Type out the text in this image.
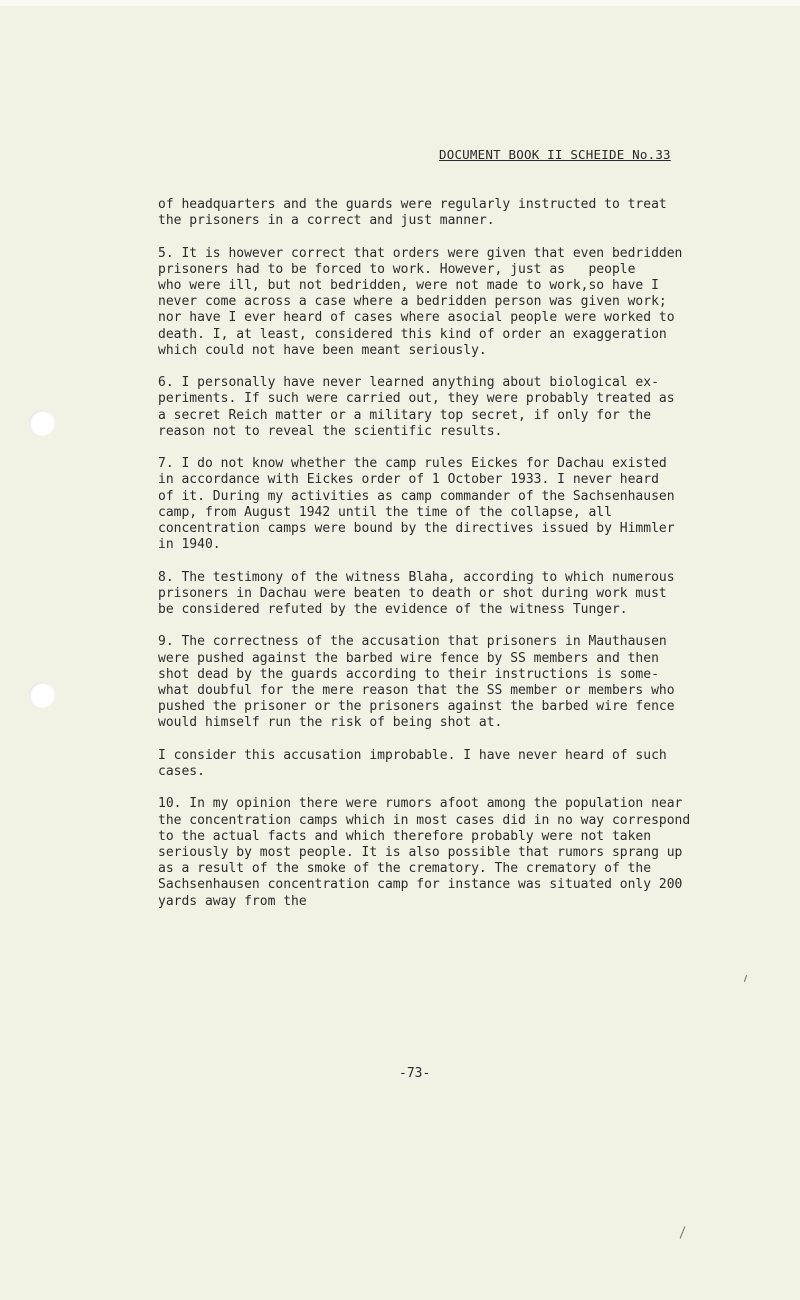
DOCUMENT BOOK II SCHEIDE No.33
of headquarters and the guards were regularly instructed to treat
the prisoners in a correct and just manner.
5. It is however correct that orders were given that even bedridden
prisoners had to be forced to work. However, just as   people
who were ill, but not bedridden, were not made to work,so have I
never come across a case where a bedridden person was given work;
nor have I ever heard of cases where asocial people were worked to
death. I, at least, considered this kind of order an exaggeration
which could not have been meant seriously.
6. I personally have never learned anything about biological ex-
periments. If such were carried out, they were probably treated as
a secret Reich matter or a military top secret, if only for the
reason not to reveal the scientific results.
7. I do not know whether the camp rules Eickes for Dachau existed
in accordance with Eickes order of 1 October 1933. I never heard
of it. During my activities as camp commander of the Sachsenhausen
camp, from August 1942 until the time of the collapse, all
concentration camps were bound by the directives issued by Himmler
in 1940.
8. The testimony of the witness Blaha, according to which numerous
prisoners in Dachau were beaten to death or shot during work must
be considered refuted by the evidence of the witness Tunger.
9. The correctness of the accusation that prisoners in Mauthausen
were pushed against the barbed wire fence by SS members and then
shot dead by the guards according to their instructions is some-
what doubful for the mere reason that the SS member or members who
pushed the prisoner or the prisoners against the barbed wire fence
would himself run the risk of being shot at.
I consider this accusation improbable. I have never heard of such
cases.
10. In my opinion there were rumors afoot among the population near
the concentration camps which in most cases did in no way correspond
to the actual facts and which therefore probably were not taken
seriously by most people. It is also possible that rumors sprang up
as a result of the smoke of the crematory. The crematory of the
Sachsenhausen concentration camp for instance was situated only 200
yards away from the
-73-
